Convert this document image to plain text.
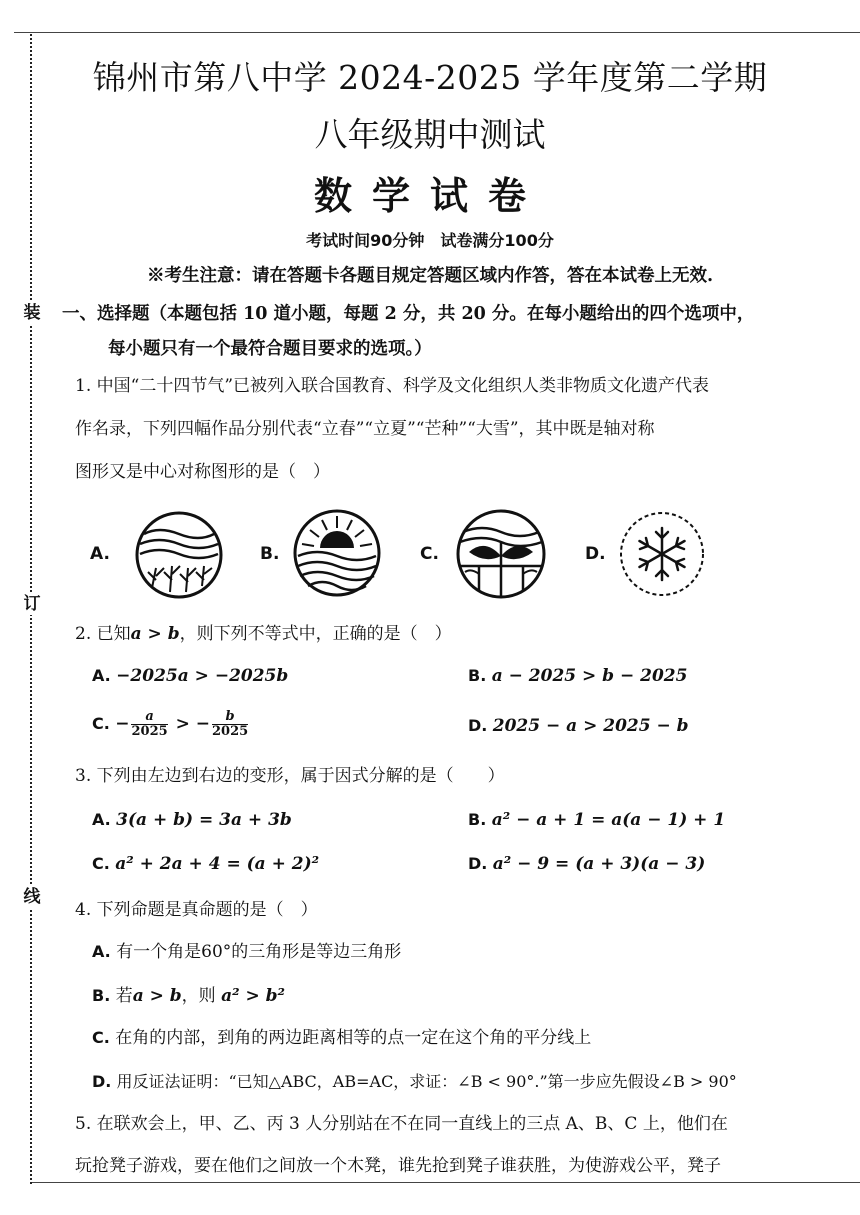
装
订
线
锦州市第八中学 2024-2025 学年度第二学期
八年级期中测试
数学试卷
考试时间90分钟　试卷满分100分
※考生注意：请在答题卡各题目规定答题区域内作答，答在本试卷上无效.
一、选择题（本题包括 10 道小题，每题 2 分，共 20 分。在每小题给出的四个选项中，
每小题只有一个最符合题目要求的选项。）
1. 中国“二十四节气”已被列入联合国教育、科学及文化组织人类非物质文化遗产代表
作名录，下列四幅作品分别代表“立春”“立夏”“芒种”“大雪”，其中既是轴对称
图形又是中心对称图形的是（　）
A.	B.	C.	D.
2. 已知a > b，则下列不等式中，正确的是（　）
A. −2025a > −2025b	B. a − 2025 > b − 2025
C. − $\frac{a}{2025}$ > − $\frac{b}{2025}$	D. 2025 − a > 2025 − b
3. 下列由左边到右边的变形，属于因式分解的是（　　）
A. 3(a + b) = 3a + 3b	B. a² − a + 1 = a(a − 1) + 1
C. a² + 2a + 4 = (a + 2)²	D. a² − 9 = (a + 3)(a − 3)
4. 下列命题是真命题的是（　）
A. 有一个角是60°的三角形是等边三角形
B. 若a > b，则 a² > b²
C. 在角的内部，到角的两边距离相等的点一定在这个角的平分线上
D. 用反证法证明：“已知△ABC，AB=AC，求证：∠B < 90°.”第一步应先假设∠B > 90°
5. 在联欢会上，甲、乙、丙 3 人分别站在不在同一直线上的三点 A、B、C 上，他们在
玩抢凳子游戏，要在他们之间放一个木凳，谁先抢到凳子谁获胜，为使游戏公平，凳子
